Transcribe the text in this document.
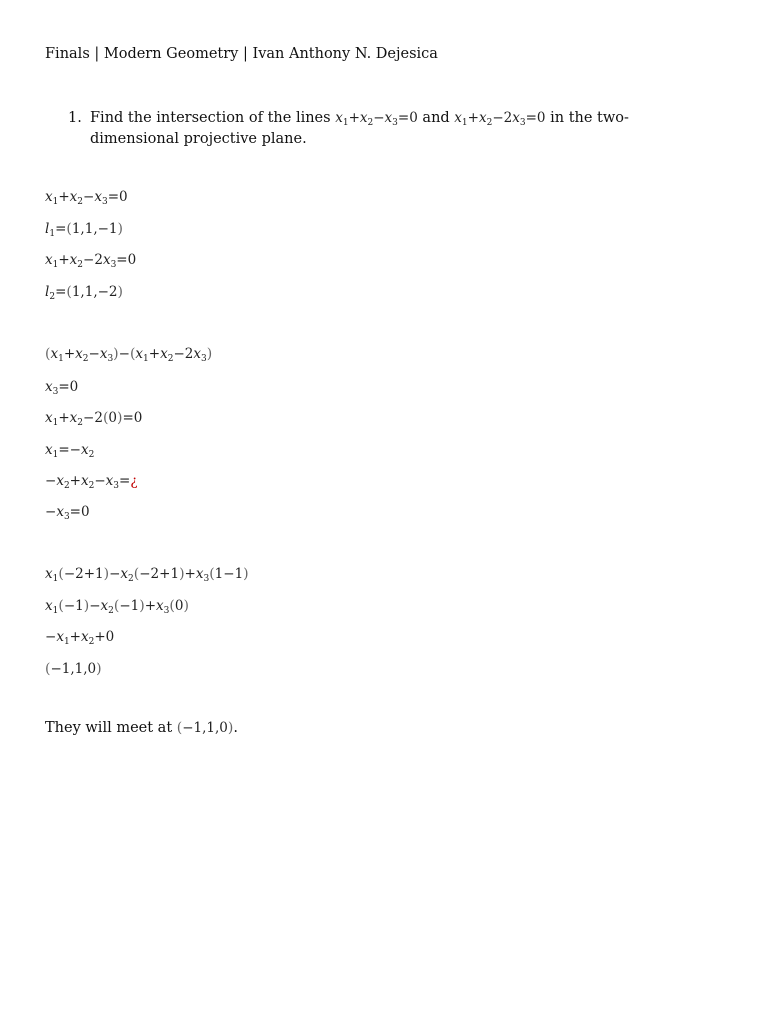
Finals | Modern Geometry | Ivan Anthony N. Dejesica
1. Find the intersection of the lines $x_1+x_2-x_3=0$ and $x_1+x_2-2x_3=0$ in the two-dimensional projective plane.
$x_1+x_2-x_3=0$
$l_1=(1,1,-1)$
$x_1+x_2-2x_3=0$
$l_2=(1,1,-2)$
$(x_1+x_2-x_3)-(x_1+x_2-2x_3)$
$x_3=0$
$x_1+x_2-2(0)=0$
$x_1=-x_2$
$-x_2+x_2-x_3=¿$
$-x_3=0$
$x_1(-2+1)-x_2(-2+1)+x_3(1-1)$
$x_1(-1)-x_2(-1)+x_3(0)$
$-x_1+x_2+0$
(−1,1,0)
They will meet at (−1,1,0).
